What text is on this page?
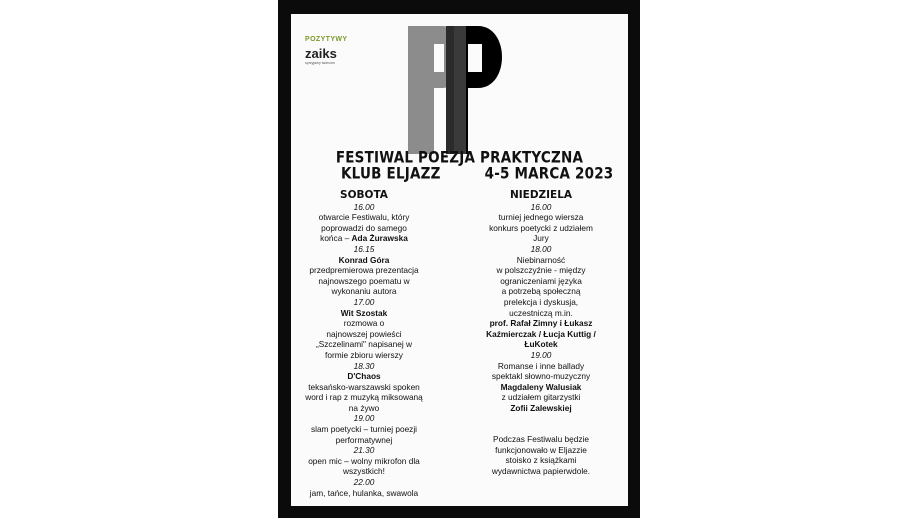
POZYTYWY
zaiks
sprzyjamy twórcom
FESTIWAL POEZJA PRAKTYCZNA
KLUB ELJAZZ	4-5 MARCA 2023
SOBOTA
16.00
otwarcie Festiwalu, który
poprowadzi do samego
końca – Ada Żurawska
16.15
Konrad Góra
przedpremierowa prezentacja
najnowszego poematu w
wykonaniu autora
17.00
Wit Szostak
rozmowa o
najnowszej powieści
„Szczelinami" napisanej w
formie zbioru wierszy
18.30
D'Chaos
teksańsko-warszawski spoken
word i rap z muzyką miksowaną
na żywo
19.00
slam poetycki – turniej poezji
performatywnej
21.30
open mic – wolny mikrofon dla
wszystkich!
22.00
jam, tańce, hulanka, swawola
NIEDZIELA
16.00
turniej jednego wiersza
konkurs poetycki z udziałem
Jury
18.00
Niebinarność
w polszczyźnie - między
ograniczeniami języka
a potrzebą społeczną
prelekcja i dyskusja,
uczestniczą m.in.
prof. Rafał Zimny i Łukasz
Kaźmierczak / Łucja Kuttig /
ŁuKotek
19.00
Romanse i inne ballady
spektakl słowno-muzyczny
Magdaleny Walusiak
z udziałem gitarzystki
Zofii Zalewskiej
Podczas Festiwalu będzie
funkcjonowało w Eljazzie
stoisko z książkami
wydawnictwa papierwdole.
